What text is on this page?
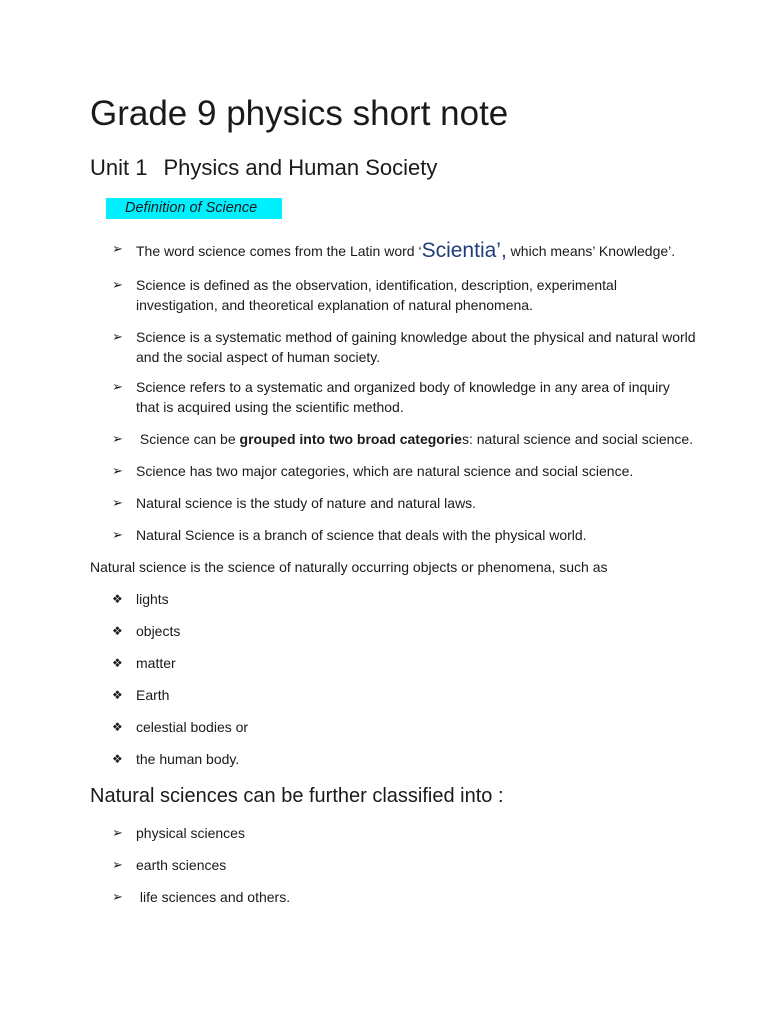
Grade 9 physics short note
Unit 1 Physics and Human Society
Definition of Science
➢ The word science comes from the Latin word ‘Scientia’, which means’ Knowledge’.
➢ Science is defined as the observation, identification, description, experimental investigation, and theoretical explanation of natural phenomena.
➢ Science is a systematic method of gaining knowledge about the physical and natural world and the social aspect of human society.
➢ Science refers to a systematic and organized body of knowledge in any area of inquiry that is acquired using the scientific method.
➢ Science can be grouped into two broad categories: natural science and social science.
➢ Science has two major categories, which are natural science and social science.
➢ Natural science is the study of nature and natural laws.
➢ Natural Science is a branch of science that deals with the physical world.
Natural science is the science of naturally occurring objects or phenomena, such as
❖ lights
❖ objects
❖ matter
❖ Earth
❖ celestial bodies or
❖ the human body.
Natural sciences can be further classified into :
➢ physical sciences
➢ earth sciences
➢ life sciences and others.
